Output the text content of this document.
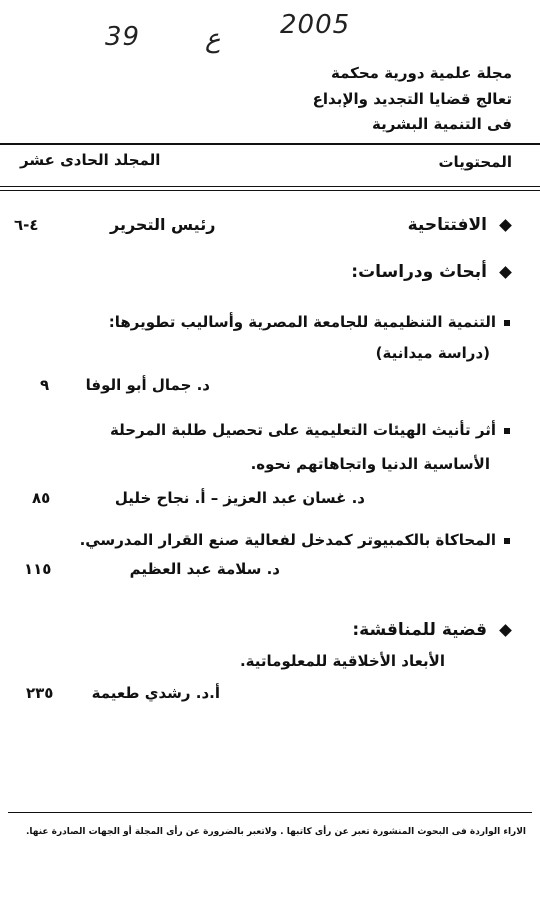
39 ع 2005
مجلة علمية دورية محكمة
تعالج قضايا التجديد والإبداع
فى التنمية البشرية
المحتويات
المجلد الحادى عشر
الافتتاحية
رئيس التحرير
٤-٦
أبحاث ودراسات:
التنمية التنظيمية للجامعة المصرية وأساليب تطويرها:
(دراسة ميدانية)
د. جمال أبو الوفا
٩
أثر تأنيث الهيئات التعليمية على تحصيل طلبة المرحلة
الأساسية الدنيا واتجاهاتهم نحوه.
د. غسان عبد العزيز – أ. نجاح خليل
٨٥
المحاكاة بالكمبيوتر كمدخل لفعالية صنع القرار المدرسي.
د. سلامة عبد العظيم
١١٥
قضية للمناقشة:
الأبعاد الأخلاقية للمعلوماتية.
أ.د. رشدي طعيمة
٢٣٥
الاراء الواردة فى البحوث المنشورة تعبر عن رأى كاتبها . ولاتعبر بالضرورة عن رأى المجلة أو الجهات الصادرة عنها.
